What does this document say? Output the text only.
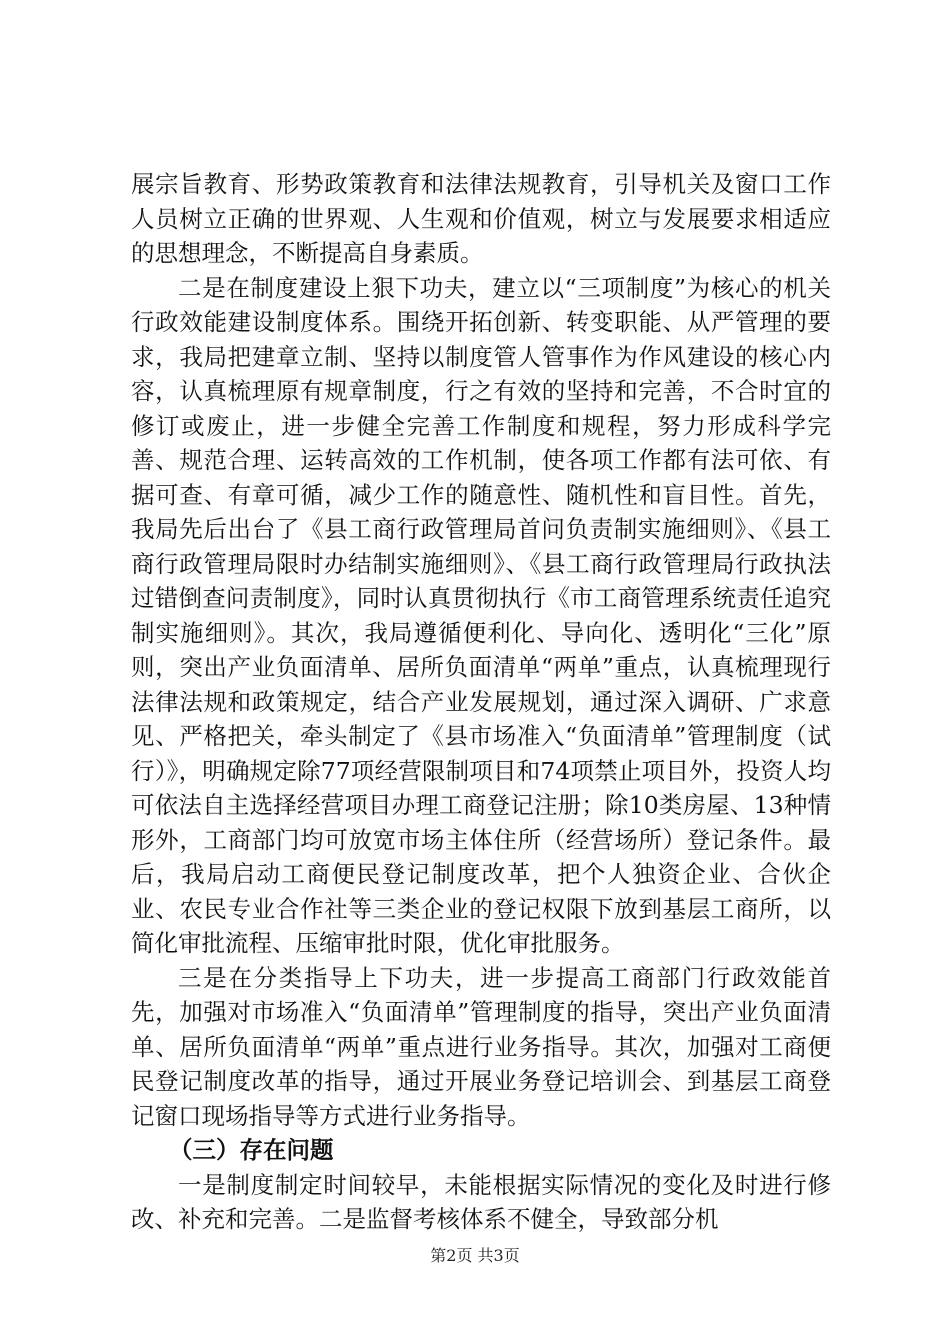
展宗旨教育、形势政策教育和法律法规教育，引导机关及窗口工作人员树立正确的世界观、人生观和价值观，树立与发展要求相适应的思想理念，不断提高自身素质。

二是在制度建设上狠下功夫，建立以“三项制度”为核心的机关行政效能建设制度体系。围绕开拓创新、转变职能、从严管理的要求，我局把建章立制、坚持以制度管人管事作为作风建设的核心内容，认真梳理原有规章制度，行之有效的坚持和完善，不合时宜的修订或废止，进一步健全完善工作制度和规程，努力形成科学完善、规范合理、运转高效的工作机制，使各项工作都有法可依、有据可查、有章可循，减少工作的随意性、随机性和盲目性。首先，我局先后出台了《县工商行政管理局首问负责制实施细则》、《县工商行政管理局限时办结制实施细则》、《县工商行政管理局行政执法过错倒查问责制度》，同时认真贯彻执行《市工商管理系统责任追究制实施细则》。其次，我局遵循便利化、导向化、透明化“三化”原则，突出产业负面清单、居所负面清单“两单”重点，认真梳理现行法律法规和政策规定，结合产业发展规划，通过深入调研、广求意见、严格把关，牵头制定了《县市场准入“负面清单”管理制度（试行）》，明确规定除77项经营限制项目和74项禁止项目外，投资人均可依法自主选择经营项目办理工商登记注册；除10类房屋、13种情形外，工商部门均可放宽市场主体住所（经营场所）登记条件。最后，我局启动工商便民登记制度改革，把个人独资企业、合伙企业、农民专业合作社等三类企业的登记权限下放到基层工商所，以简化审批流程、压缩审批时限，优化审批服务。

三是在分类指导上下功夫，进一步提高工商部门行政效能首先，加强对市场准入“负面清单”管理制度的指导，突出产业负面清单、居所负面清单“两单”重点进行业务指导。其次，加强对工商便民登记制度改革的指导，通过开展业务登记培训会、到基层工商登记窗口现场指导等方式进行业务指导。

（三）存在问题

一是制度制定时间较早，未能根据实际情况的变化及时进行修改、补充和完善。二是监督考核体系不健全，导致部分机

第2页 共3页
